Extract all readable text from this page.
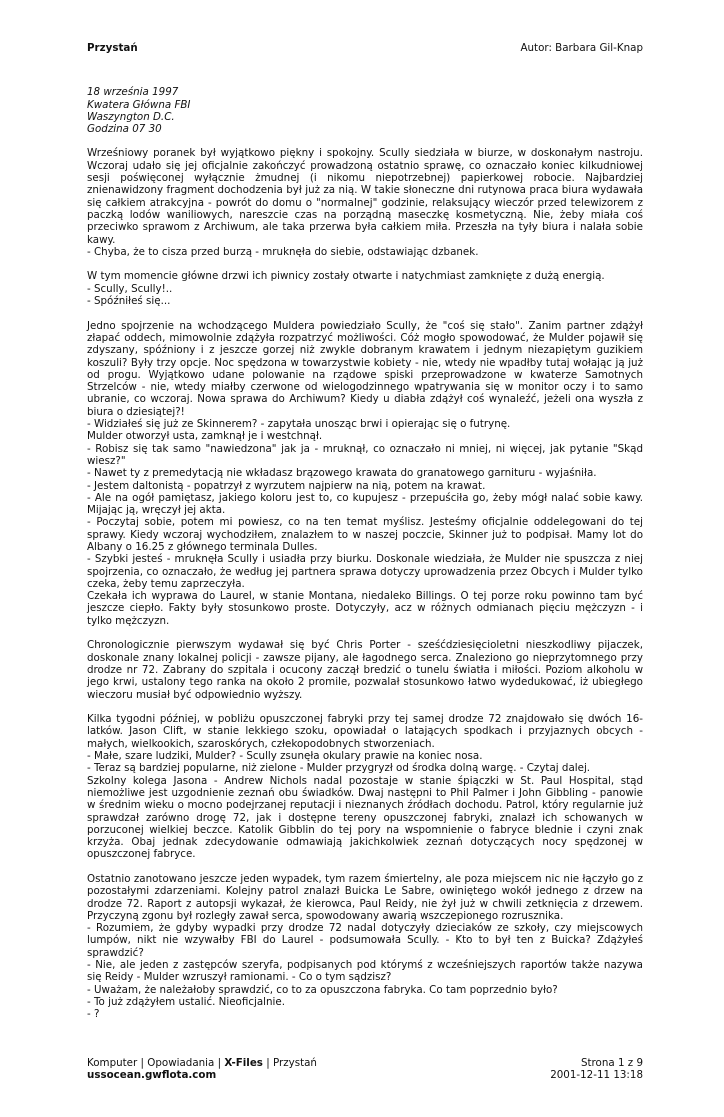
Przystań	Autor: Barbara Gil-Knap
18 września 1997
Kwatera Główna FBI
Waszyngton D.C.
Godzina 07 30
Wrześniowy poranek był wyjątkowo piękny i spokojny. Scully siedziała w biurze, w doskonałym nastroju. Wczoraj udało się jej oficjalnie zakończyć prowadzoną ostatnio sprawę, co oznaczało koniec kilkudniowej sesji poświęconej wyłącznie żmudnej (i nikomu niepotrzebnej) papierkowej robocie. Najbardziej znienawidzony fragment dochodzenia był już za nią. W takie słoneczne dni rutynowa praca biura wydawała się całkiem atrakcyjna - powrót do domu o "normalnej" godzinie, relaksujący wieczór przed telewizorem z paczką lodów waniliowych, nareszcie czas na porządną maseczkę kosmetyczną. Nie, żeby miała coś przeciwko sprawom z Archiwum, ale taka przerwa była całkiem miła. Przeszła na tyły biura i nalała sobie kawy.
- Chyba, że to cisza przed burzą - mruknęła do siebie, odstawiając dzbanek.
W tym momencie główne drzwi ich piwnicy zostały otwarte i natychmiast zamknięte z dużą energią.
- Scully, Scully!..
- Spóźniłeś się...
Jedno spojrzenie na wchodzącego Muldera powiedziało Scully, że "coś się stało". Zanim partner zdążył złapać oddech, mimowolnie zdążyła rozpatrzyć możliwości. Cóż mogło spowodować, że Mulder pojawił się zdyszany, spóźniony i z jeszcze gorzej niż zwykle dobranym krawatem i jednym niezapiętym guzikiem koszuli? Były trzy opcje. Noc spędzona w towarzystwie kobiety - nie, wtedy nie wpadłby tutaj wołając ją już od progu. Wyjątkowo udane polowanie na rządowe spiski przeprowadzone w kwaterze Samotnych Strzelców - nie, wtedy miałby czerwone od wielogodzinnego wpatrywania się w monitor oczy i to samo ubranie, co wczoraj. Nowa sprawa do Archiwum? Kiedy u diabła zdążył coś wynaleźć, jeżeli ona wyszła z biura o dziesiątej?!
- Widziałeś się już ze Skinnerem? - zapytała unosząc brwi i opierając się o futrynę.
Mulder otworzył usta, zamknął je i westchnął.
- Robisz się tak samo "nawiedzona" jak ja - mruknął, co oznaczało ni mniej, ni więcej, jak pytanie "Skąd wiesz?"
- Nawet ty z premedytacją nie wkładasz brązowego krawata do granatowego garnituru - wyjaśniła.
- Jestem daltonistą - popatrzył z wyrzutem najpierw na nią, potem na krawat.
- Ale na ogół pamiętasz, jakiego koloru jest to, co kupujesz - przepuściła go, żeby mógł nalać sobie kawy. Mijając ją, wręczył jej akta.
- Poczytaj sobie, potem mi powiesz, co na ten temat myślisz. Jesteśmy oficjalnie oddelegowani do tej sprawy. Kiedy wczoraj wychodziłem, znalazłem to w naszej poczcie, Skinner już to podpisał. Mamy lot do Albany o 16.25 z głównego terminala Dulles.
- Szybki jesteś - mruknęła Scully i usiadła przy biurku. Doskonale wiedziała, że Mulder nie spuszcza z niej spojrzenia, co oznaczało, że według jej partnera sprawa dotyczy uprowadzenia przez Obcych i Mulder tylko czeka, żeby temu zaprzeczyła.
Czekała ich wyprawa do Laurel, w stanie Montana, niedaleko Billings. O tej porze roku powinno tam być jeszcze ciepło. Fakty były stosunkowo proste. Dotyczyły, acz w różnych odmianach pięciu mężczyzn - i tylko mężczyzn.
Chronologicznie pierwszym wydawał się być Chris Porter - sześćdziesięcioletni nieszkodliwy pijaczek, doskonale znany lokalnej policji - zawsze pijany, ale łagodnego serca. Znaleziono go nieprzytomnego przy drodze nr 72. Zabrany do szpitala i ocucony zaczął bredzić o tunelu światła i miłości. Poziom alkoholu w jego krwi, ustalony tego ranka na około 2 promile, pozwalał stosunkowo łatwo wydedukować, iż ubiegłego wieczoru musiał być odpowiednio wyższy.
Kilka tygodni później, w pobliżu opuszczonej fabryki przy tej samej drodze 72 znajdowało się dwóch 16-latków. Jason Clift, w stanie lekkiego szoku, opowiadał o latających spodkach i przyjaznych obcych - małych, wielkookich, szaroskórych, człekopodobnych stworzeniach.
- Małe, szare ludziki, Mulder? - Scully zsunęła okulary prawie na koniec nosa.
- Teraz są bardziej popularne, niż zielone - Mulder przygryzł od środka dolną wargę. - Czytaj dalej.
Szkolny kolega Jasona - Andrew Nichols nadal pozostaje w stanie śpiączki w St. Paul Hospital, stąd niemożliwe jest uzgodnienie zeznań obu świadków. Dwaj następni to Phil Palmer i John Gibbling - panowie w średnim wieku o mocno podejrzanej reputacji i nieznanych źródłach dochodu. Patrol, który regularnie już sprawdzał zarówno drogę 72, jak i dostępne tereny opuszczonej fabryki, znalazł ich schowanych w porzuconej wielkiej beczce. Katolik Gibblin do tej pory na wspomnienie o fabryce blednie i czyni znak krzyża. Obaj jednak zdecydowanie odmawiają jakichkolwiek zeznań dotyczących nocy spędzonej w opuszczonej fabryce.
Ostatnio zanotowano jeszcze jeden wypadek, tym razem śmiertelny, ale poza miejscem nic nie łączyło go z pozostałymi zdarzeniami. Kolejny patrol znalazł Buicka Le Sabre, owiniętego wokół jednego z drzew na drodze 72. Raport z autopsji wykazał, że kierowca, Paul Reidy, nie żył już w chwili zetknięcia z drzewem. Przyczyną zgonu był rozległy zawał serca, spowodowany awarią wszczepionego rozrusznika.
- Rozumiem, że gdyby wypadki przy drodze 72 nadal dotyczyły dzieciaków ze szkoły, czy miejscowych lumpów, nikt nie wzywałby FBI do Laurel - podsumowała Scully. - Kto to był ten z Buicka? Zdążyłeś sprawdzić?
- Nie, ale jeden z zastępców szeryfa, podpisanych pod którymś z wcześniejszych raportów także nazywa się Reidy - Mulder wzruszył ramionami. - Co o tym sądzisz?
- Uważam, że należałoby sprawdzić, co to za opuszczona fabryka. Co tam poprzednio było?
- To już zdążyłem ustalić. Nieoficjalnie.
- ?
Komputer | Opowiadania | X-Files | Przystań
ussocean.gwflota.com
Strona 1 z 9
2001-12-11 13:18
